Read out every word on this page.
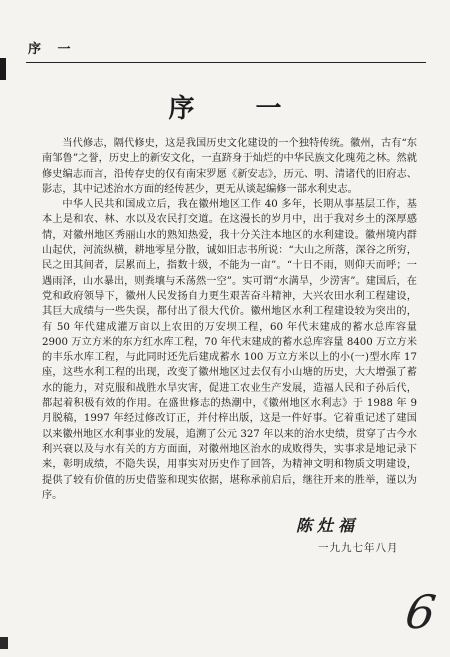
序 一
序 一

当代修志，隔代修史，这是我国历史文化建设的一个独特传统。徽州，古有“东南邹鲁”之誉，历史上的新安文化，一直跻身于灿烂的中华民族文化瑰苑之林。然就修史编志而言，沿传存史的仅有南宋罗愿《新安志》，历元、明、清诸代的旧府志、影志，其中记述治水方面的经传甚少，更无从谈起编修一部水利史志。

中华人民共和国成立后，我在徽州地区工作 40 多年，长期从事基层工作，基本上是和农、林、水以及农民打交道。在这漫长的岁月中，出于我对乡土的深厚感情，对徽州地区秀丽山水的熟知热爱，我十分关注本地区的水利建设。徽州境内群山起伏，河流纵横，耕地零星分散，诚如旧志书所说：“大山之所落，深谷之所穷，民之田其间者，层累而上，指数十级，不能为一亩”。“十日不雨，则仰天而呼；一遇雨泽，山水暴出，则粪壤与禾荡然一空”。实可谓“水满旱，少涝害”。建国后，在党和政府领导下，徽州人民发扬自力更生艰苦奋斗精神，大兴农田水利工程建设，其巨大成绩与一些失误，都付出了很大代价。徽州地区水利工程建设较为突出的，有 50 年代建成灌万亩以上农田的万安坝工程，60 年代末建成的蓄水总库容量 2900 万立方米的东方红水库工程，70 年代末建成的蓄水总库容量 8400 万立方米的丰乐水库工程，与此同时还先后建成蓄水 100 万立方米以上的小(一)型水库 17 座，这些水利工程的出现，改变了徽州地区过去仅有小山塘的历史，大大增强了蓄水的能力，对克服和战胜水旱灾害，促进工农业生产发展，造福人民和子孙后代，都起着积极有效的作用。在盛世修志的热潮中，《徽州地区水利志》于 1988 年 9 月脱稿，1997 年经过修改订正，并付梓出版，这是一件好事。它着重记述了建国以来徽州地区水利事业的发展，追溯了公元 327 年以来的治水史绩，贯穿了古今水利兴衰以及与水有关的方方面面，对徽州地区治水的成败得失，实事求是地记录下来，彰明成绩，不隐失误，用事实对历史作了回答，为精神文明和物质文明建设，提供了较有价值的历史借鉴和现实依据，堪称承前启后，继往开来的胜举，谨以为序。

陈灶福
一九九七年八月
6
